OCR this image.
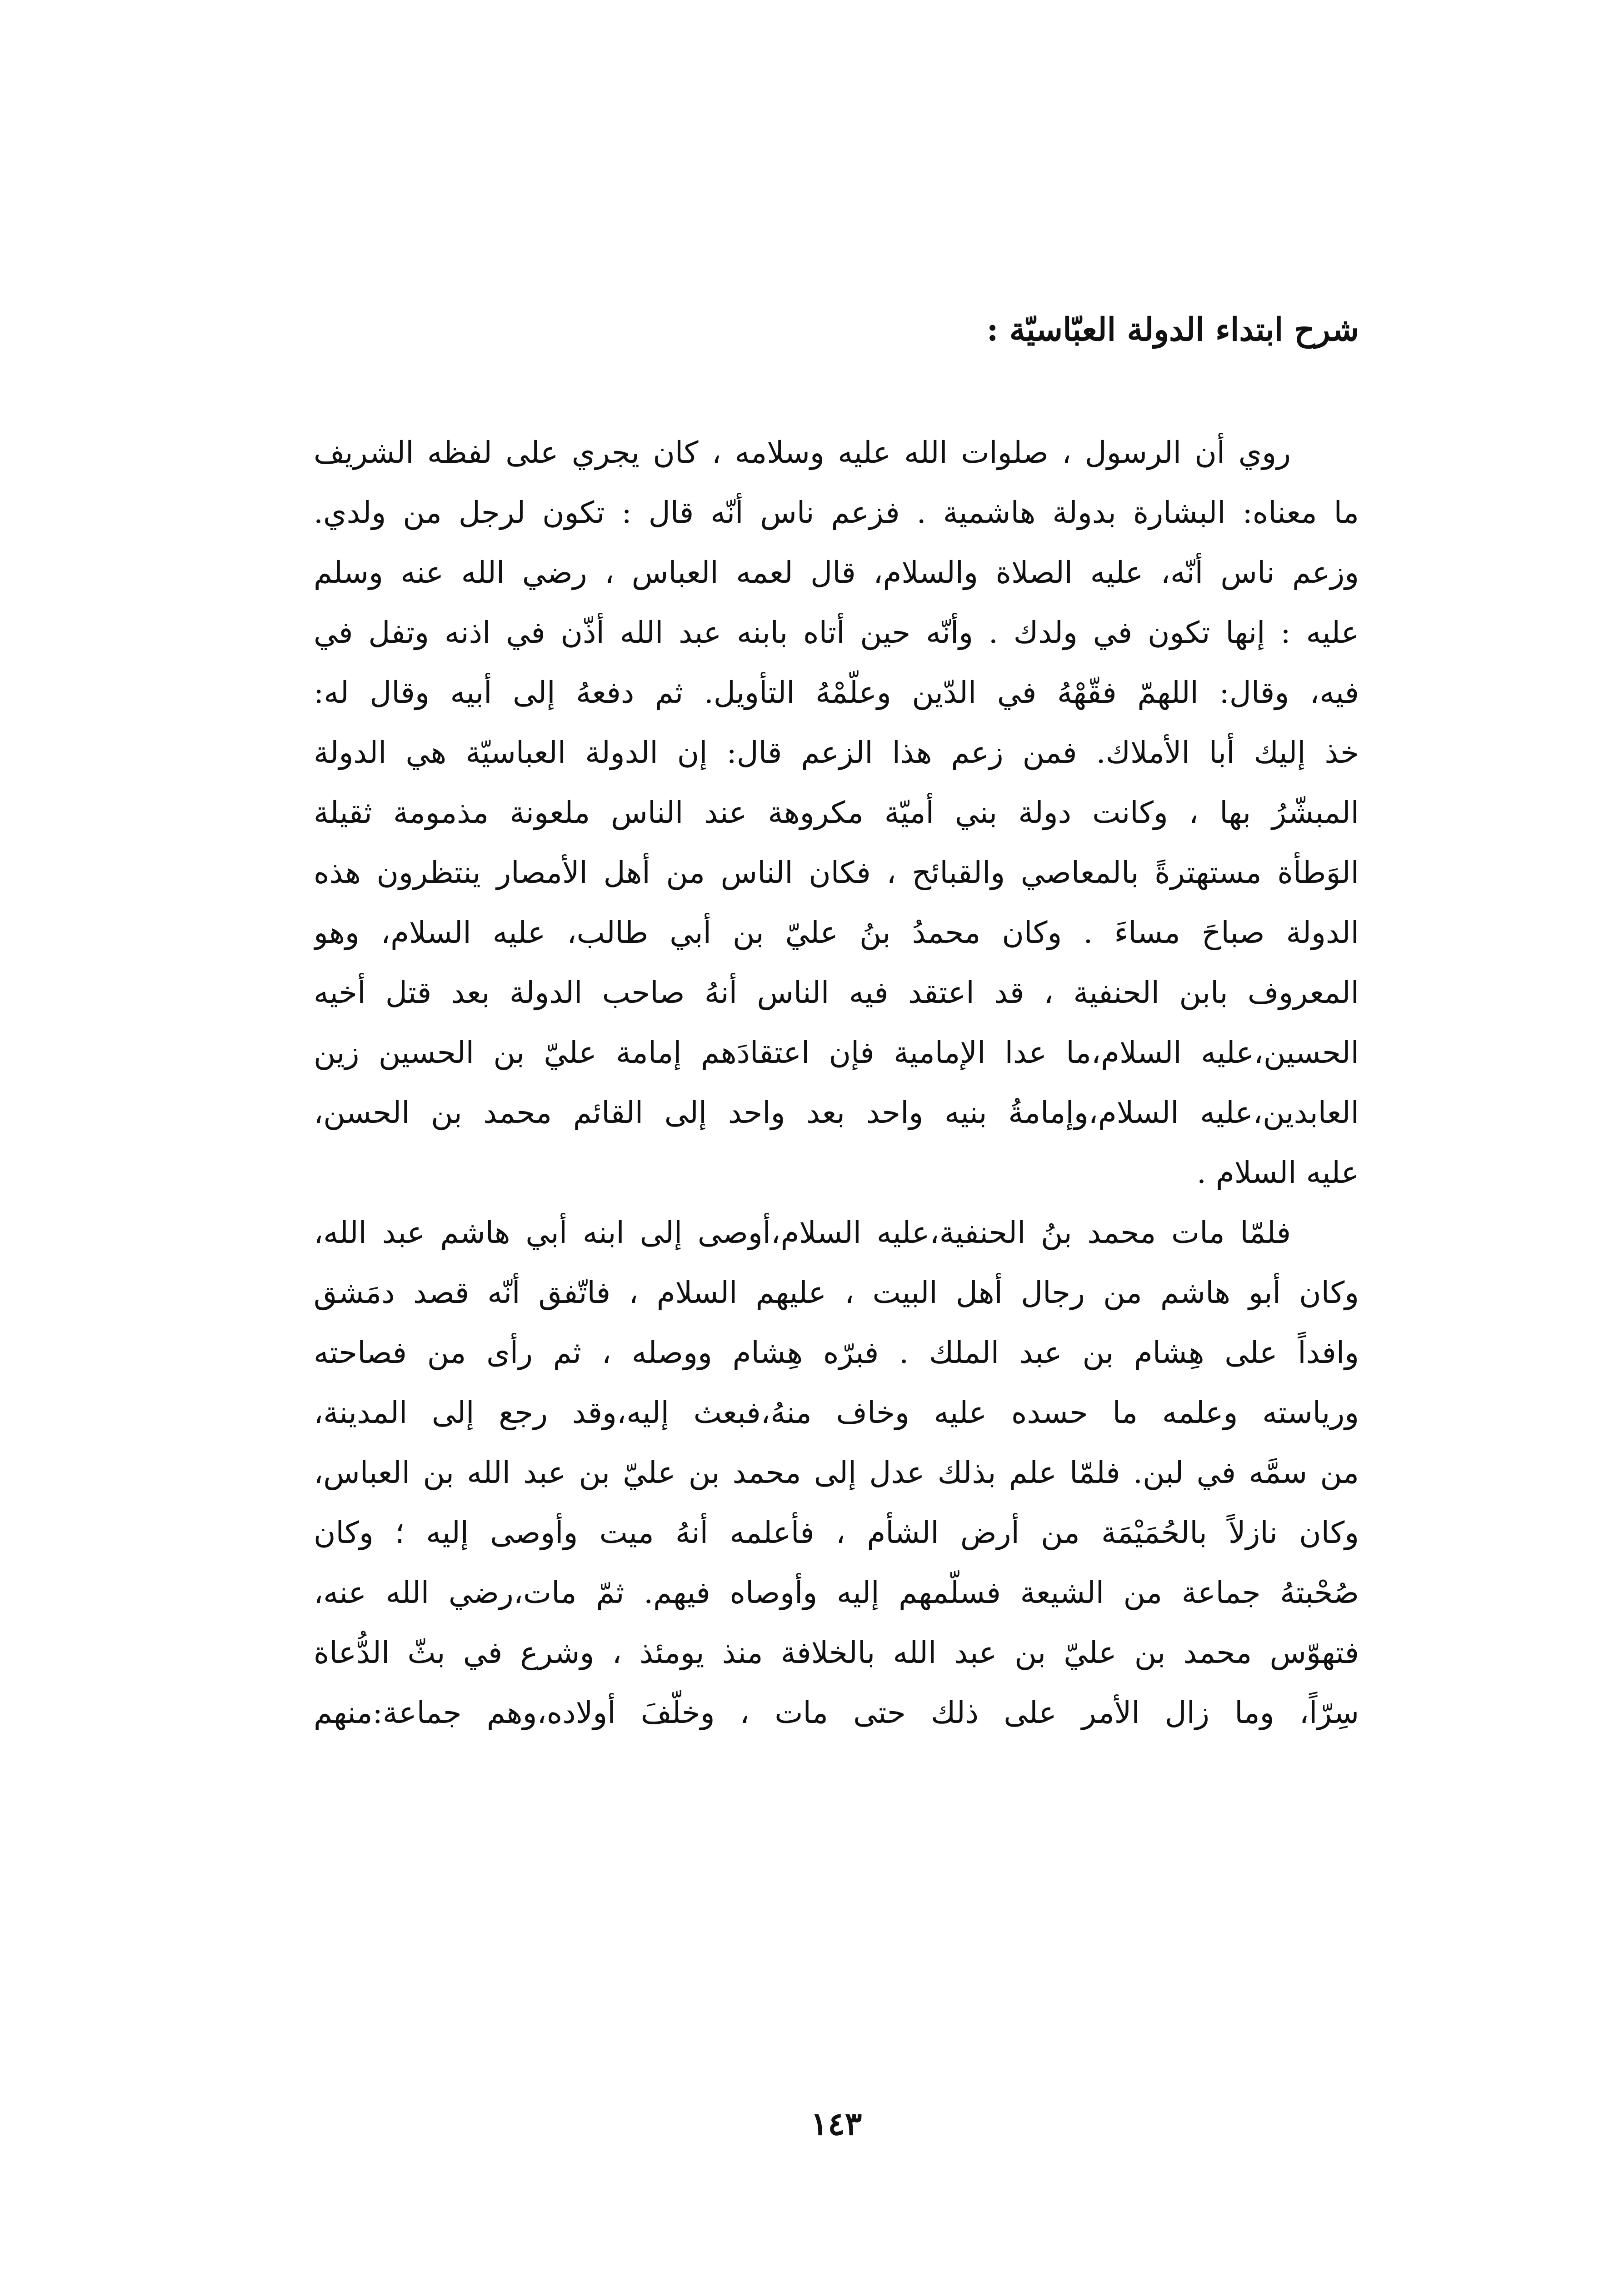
شرح ابتداء الدولة العبّاسيّة :
روي أن الرسول ، صلوات الله عليه وسلامه ، كان يجري على لفظه الشريف
ما معناه: البشارة بدولة هاشمية . فزعم ناس أنّه قال : تكون لرجل من ولدي.
وزعم ناس أنّه، عليه الصلاة والسلام، قال لعمه العباس ، رضي الله عنه وسلم
عليه : إنها تكون في ولدك . وأنّه حين أتاه بابنه عبد الله أذّن في اذنه وتفل في
فيه، وقال: اللهمّ فقّهْهُ في الدّين وعلّمْهُ التأويل. ثم دفعهُ إلى أبيه وقال له:
خذ إليك أبا الأملاك. فمن زعم هذا الزعم قال: إن الدولة العباسيّة هي الدولة
المبشّرُ بها ، وكانت دولة بني أميّة مكروهة عند الناس ملعونة مذمومة ثقيلة
الوَطأة مستهترةً بالمعاصي والقبائح ، فكان الناس من أهل الأمصار ينتظرون هذه
الدولة صباحَ مساءَ . وكان محمدُ بنُ عليّ بن أبي طالب، عليه السلام، وهو
المعروف بابن الحنفية ، قد اعتقد فيه الناس أنهُ صاحب الدولة بعد قتل أخيه
الحسين،عليه السلام،ما عدا الإمامية فإن اعتقادَهم إمامة عليّ بن الحسين زين
العابدين،عليه السلام،وإمامةُ بنيه واحد بعد واحد إلى القائم محمد بن الحسن،
عليه السلام .
فلمّا مات محمد بنُ الحنفية،عليه السلام،أوصى إلى ابنه أبي هاشم عبد الله،
وكان أبو هاشم من رجال أهل البيت ، عليهم السلام ، فاتّفق أنّه قصد دمَشق
وافداً على هِشام بن عبد الملك . فبرّه هِشام ووصله ، ثم رأى من فصاحته
ورياسته وعلمه ما حسده عليه وخاف منهُ،فبعث إليه،وقد رجع إلى المدينة،
من سمَّه في لبن. فلمّا علم بذلك عدل إلى محمد بن عليّ بن عبد الله بن العباس،
وكان نازلاً بالحُمَيْمَة من أرض الشأم ، فأعلمه أنهُ ميت وأوصى إليه ؛ وكان
صُحْبتهُ جماعة من الشيعة فسلّمهم إليه وأوصاه فيهم. ثمّ مات،رضي الله عنه،
فتهوّس محمد بن عليّ بن عبد الله بالخلافة منذ يومئذ ، وشرع في بثّ الدُّعاة
سِرّاً، وما زال الأمر على ذلك حتى مات ، وخلّفَ أولاده،وهم جماعة:منهم
١٤٣
